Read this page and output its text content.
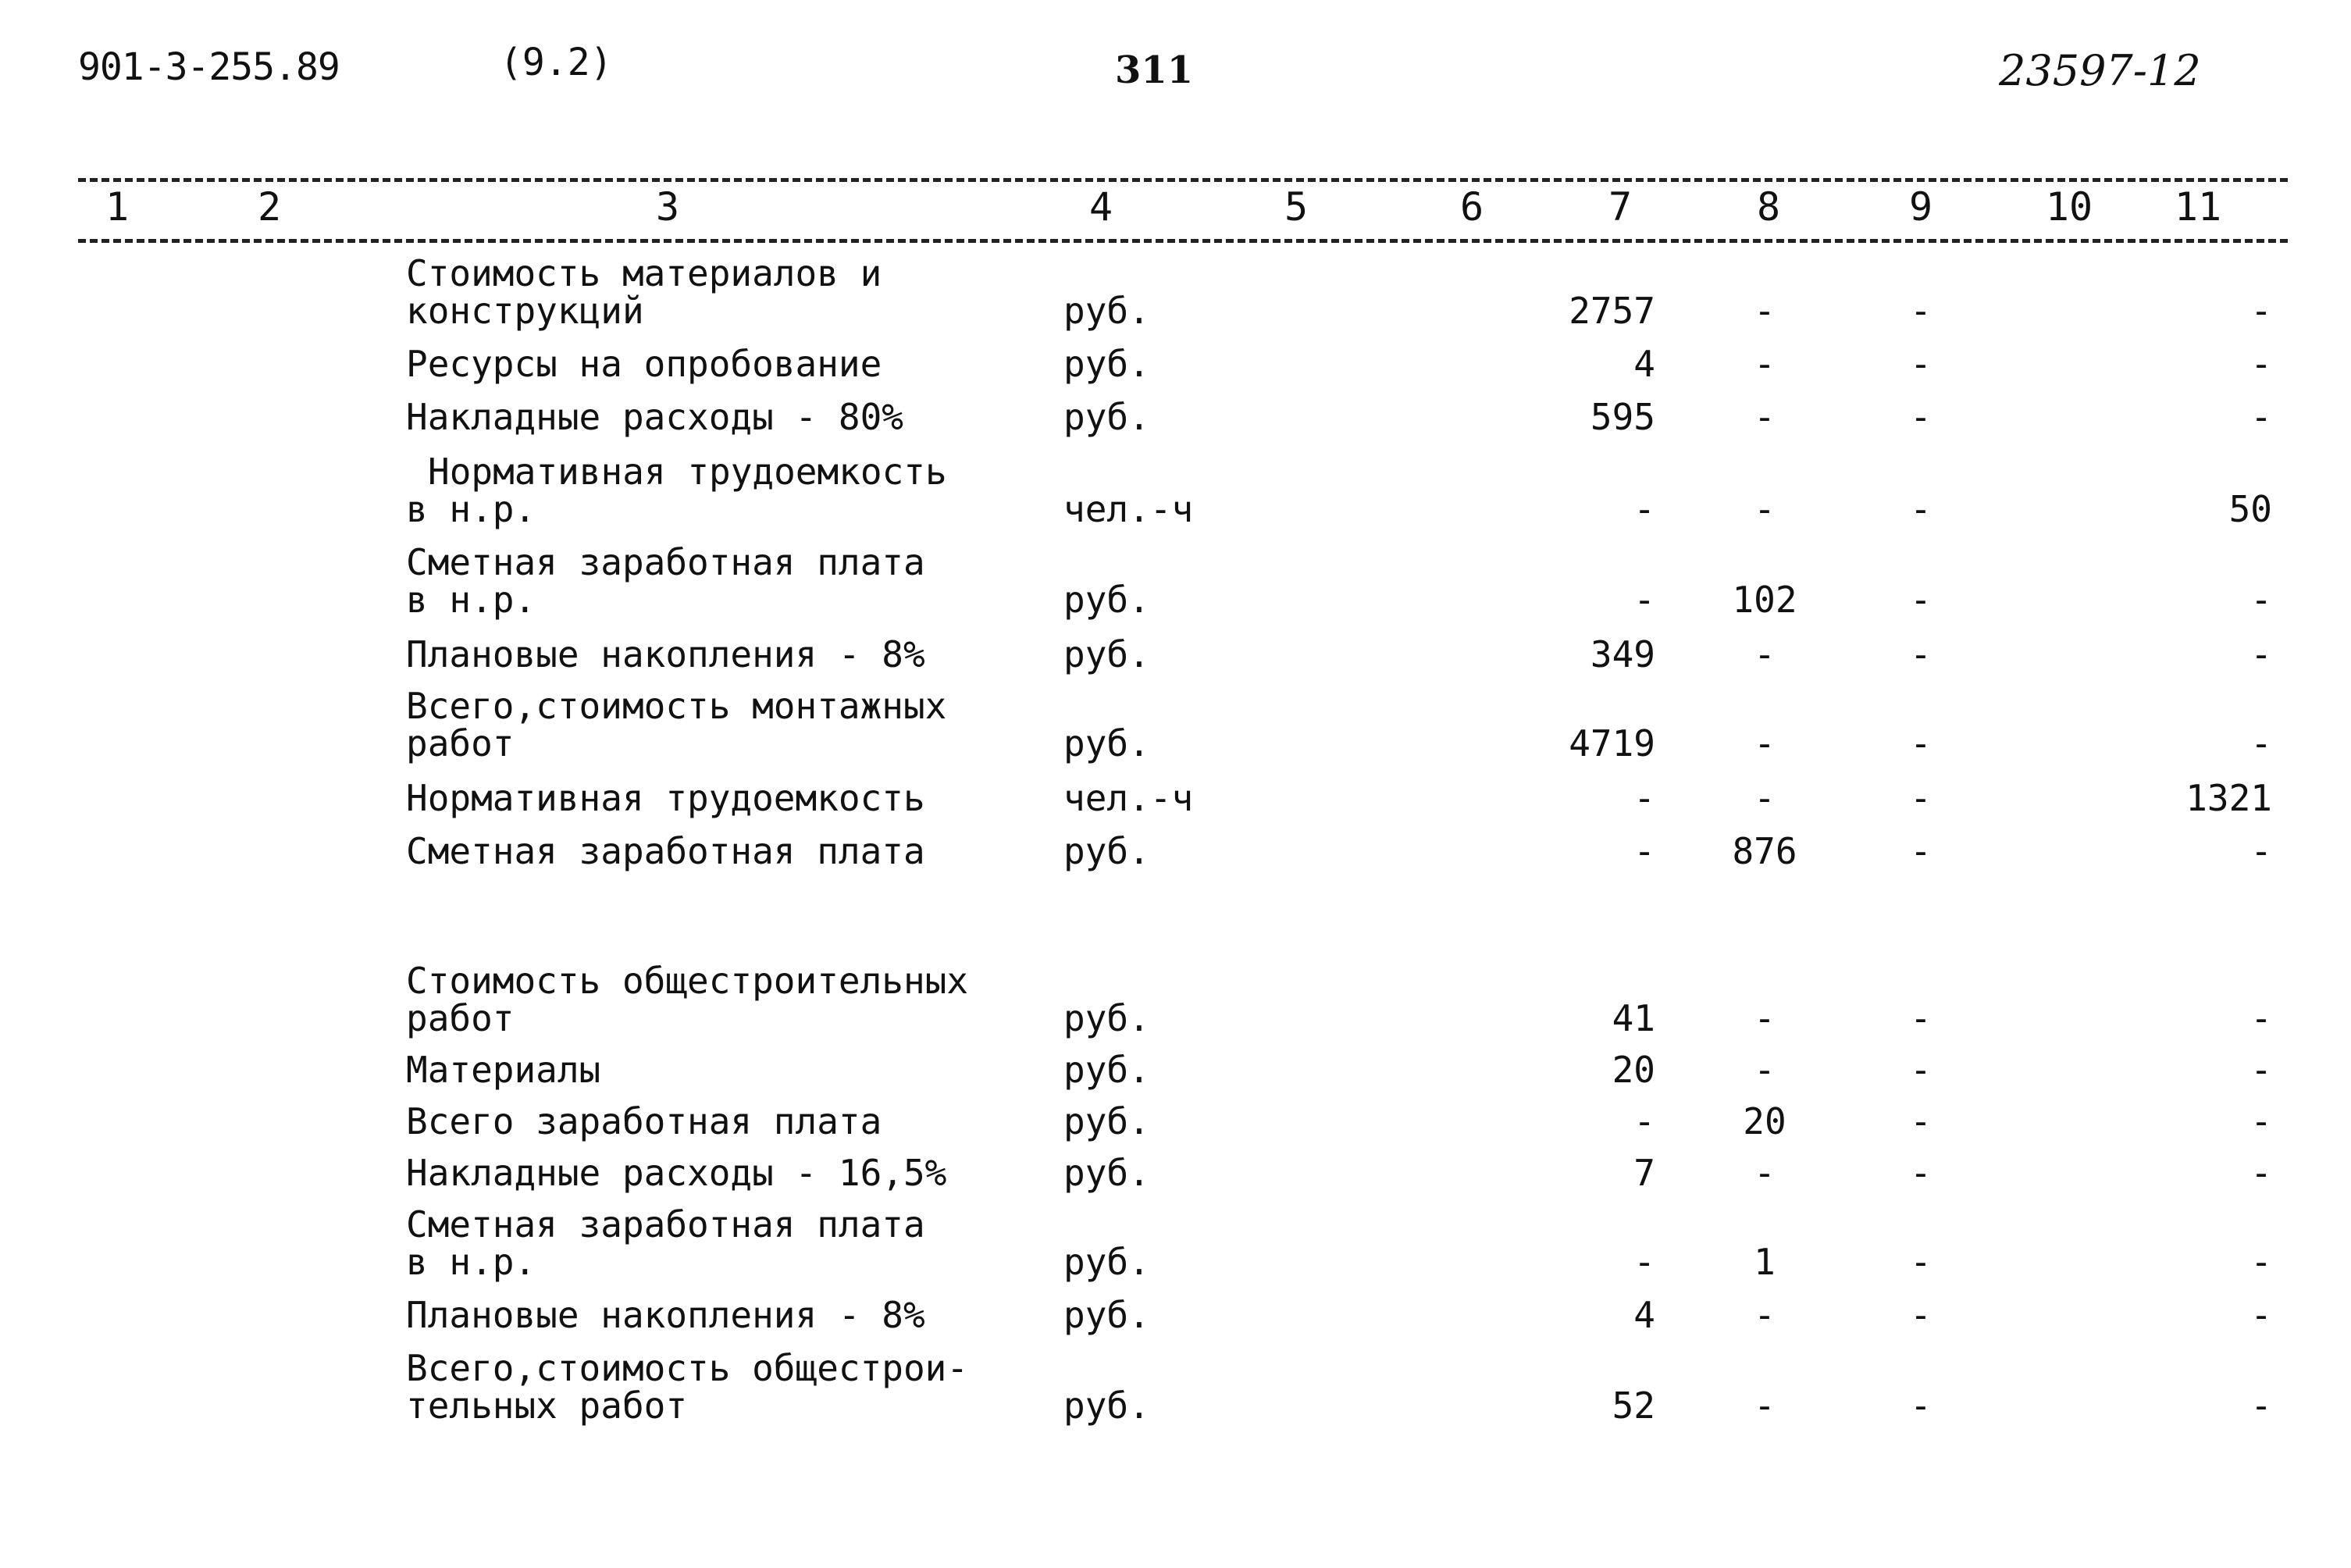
901-3-255.89	(9.2)	311	23597-12
1	2	3	4	5	6	7	8	9	10	11
Стоимость материалов и
конструкций	руб.	2757	-	-	-
Ресурсы на опробование	руб.	4	-	-	-
Накладные расходы - 80%	руб.	595	-	-	-
Нормативная трудоемкость
в н.р.	чел.-ч	-	-	-	50
Сметная заработная плата
в н.р.	руб.	-	102	-	-
Плановые накопления - 8%	руб.	349	-	-	-
Всего,стоимость монтажных
работ	руб.	4719	-	-	-
Нормативная трудоемкость	чел.-ч	-	-	-	1321
Сметная заработная плата	руб.	-	876	-	-
Стоимость общестроительных
работ	руб.	41	-	-	-
Материалы	руб.	20	-	-	-
Всего заработная плата	руб.	-	20	-	-
Накладные расходы - 16,5%	руб.	7	-	-	-
Сметная заработная плата
в н.р.	руб.	-	1	-	-
Плановые накопления - 8%	руб.	4	-	-	-
Всего,стоимость общестрои-
тельных работ	руб.	52	-	-	-
